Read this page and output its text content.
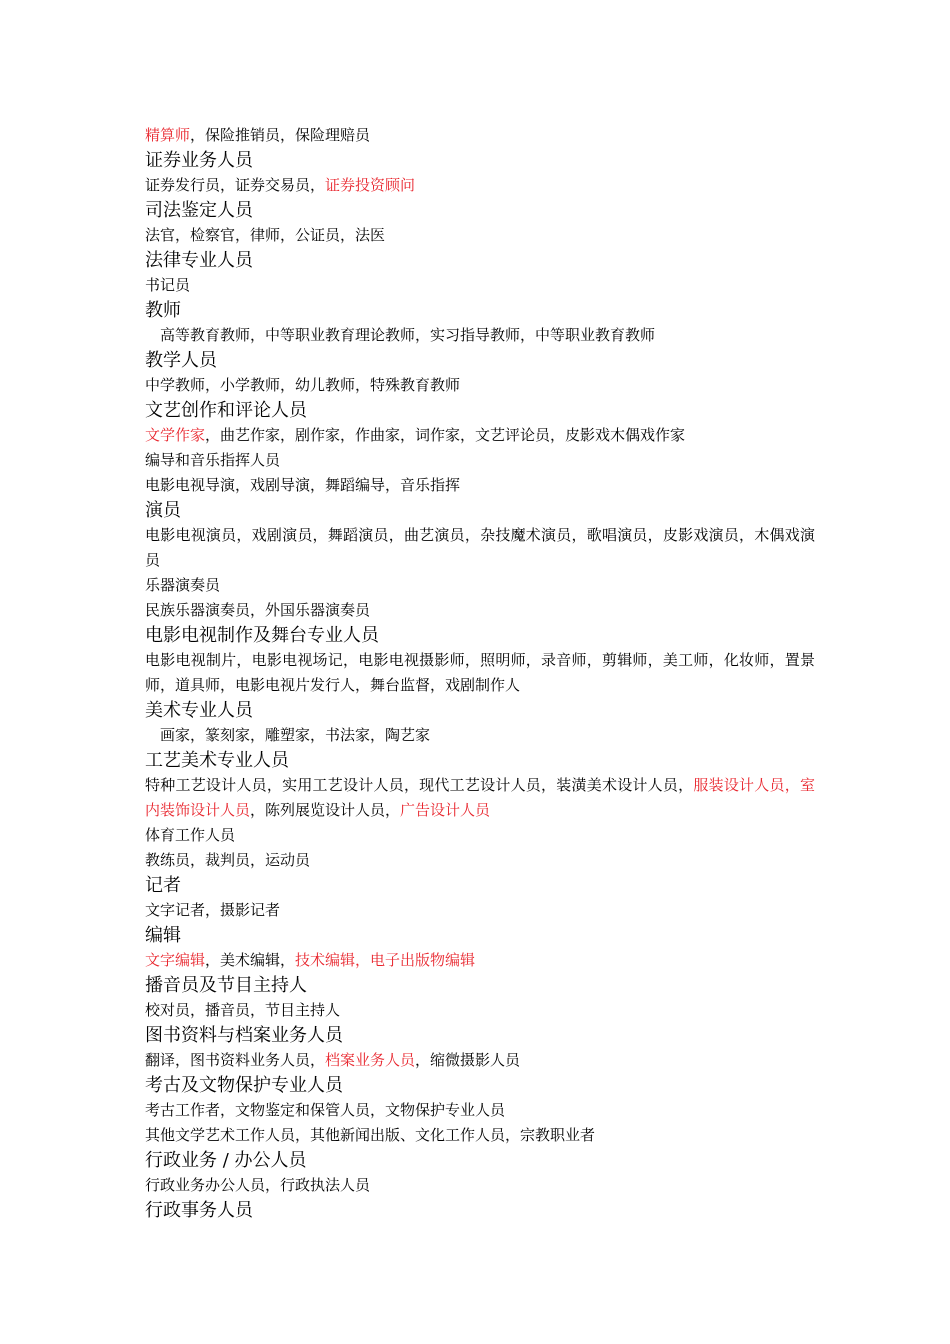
精算师，保险推销员，保险理赔员
证券业务人员
证券发行员，证券交易员，证券投资顾问
司法鉴定人员
法官，检察官，律师，公证员，法医
法律专业人员
书记员
教师
高等教育教师，中等职业教育理论教师，实习指导教师，中等职业教育教师
教学人员
中学教师，小学教师，幼儿教师，特殊教育教师
文艺创作和评论人员
文学作家，曲艺作家，剧作家，作曲家，词作家，文艺评论员，皮影戏木偶戏作家
编导和音乐指挥人员
电影电视导演，戏剧导演，舞蹈编导，音乐指挥
演员
电影电视演员，戏剧演员，舞蹈演员，曲艺演员，杂技魔术演员，歌唱演员，皮影戏演员，木偶戏演员
乐器演奏员
民族乐器演奏员，外国乐器演奏员
电影电视制作及舞台专业人员
电影电视制片，电影电视场记，电影电视摄影师，照明师，录音师，剪辑师，美工师，化妆师，置景师，道具师，电影电视片发行人，舞台监督，戏剧制作人
美术专业人员
画家，篆刻家，雕塑家，书法家，陶艺家
工艺美术专业人员
特种工艺设计人员，实用工艺设计人员，现代工艺设计人员，装潢美术设计人员，服装设计人员，室内装饰设计人员，陈列展览设计人员，广告设计人员
体育工作人员
教练员，裁判员，运动员
记者
文字记者，摄影记者
编辑
文字编辑，美术编辑，技术编辑，电子出版物编辑
播音员及节目主持人
校对员，播音员，节目主持人
图书资料与档案业务人员
翻译，图书资料业务人员，档案业务人员，缩微摄影人员
考古及文物保护专业人员
考古工作者，文物鉴定和保管人员，文物保护专业人员
其他文学艺术工作人员，其他新闻出版、文化工作人员，宗教职业者
行政业务 / 办公人员
行政业务办公人员，行政执法人员
行政事务人员
